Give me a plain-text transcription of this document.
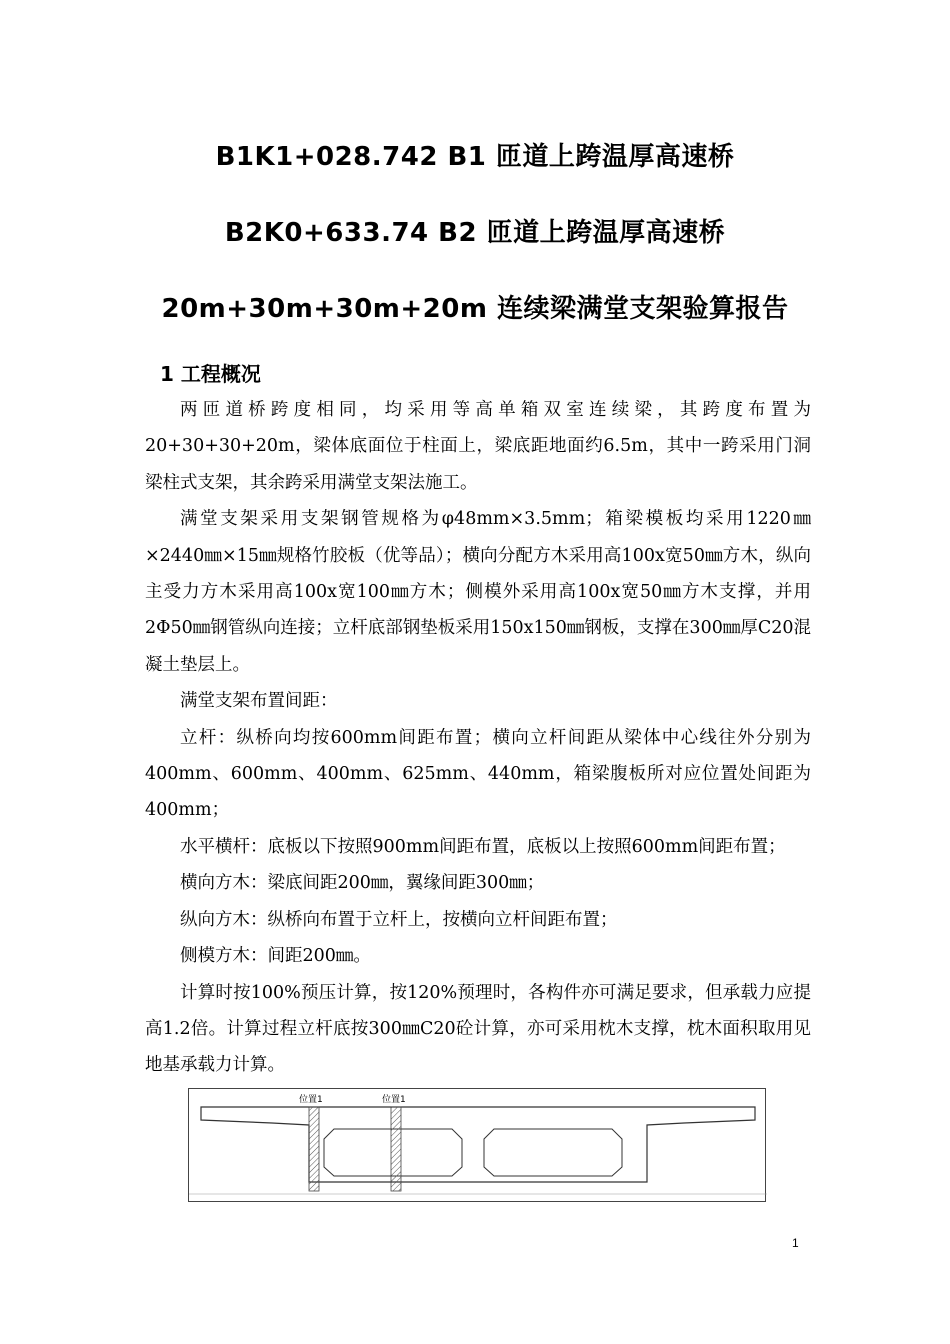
B1K1+028.742 B1 匝道上跨温厚高速桥
B2K0+633.74 B2 匝道上跨温厚高速桥
20m+30m+30m+20m 连续梁满堂支架验算报告
1 工程概况

两匝道桥跨度相同，均采用等高单箱双室连续梁，其跨度布置为20+30+30+20m，梁体底面位于柱面上，梁底距地面约6.5m，其中一跨采用门洞梁柱式支架，其余跨采用满堂支架法施工。

满堂支架采用支架钢管规格为φ48mm×3.5mm；箱梁模板均采用1220㎜×2440㎜×15㎜规格竹胶板（优等品）；横向分配方木采用高100x宽50㎜方木，纵向主受力方木采用高100x宽100㎜方木；侧模外采用高100x宽50㎜方木支撑，并用2Φ50㎜钢管纵向连接；立杆底部钢垫板采用150x150㎜钢板，支撑在300㎜厚C20混凝土垫层上。

满堂支架布置间距：

立杆：纵桥向均按600mm间距布置；横向立杆间距从梁体中心线往外分别为400mm、600mm、400mm、625mm、440mm，箱梁腹板所对应位置处间距为400mm；

水平横杆：底板以下按照900mm间距布置，底板以上按照600mm间距布置；

横向方木：梁底间距200㎜，翼缘间距300㎜；

纵向方木：纵桥向布置于立杆上，按横向立杆间距布置；

侧模方木：间距200㎜。

计算时按100%预压计算，按120%预理时，各构件亦可满足要求，但承载力应提高1.2倍。计算过程立杆底按300㎜C20砼计算，亦可采用枕木支撑，枕木面积取用见地基承载力计算。

位置1	位置1
1
